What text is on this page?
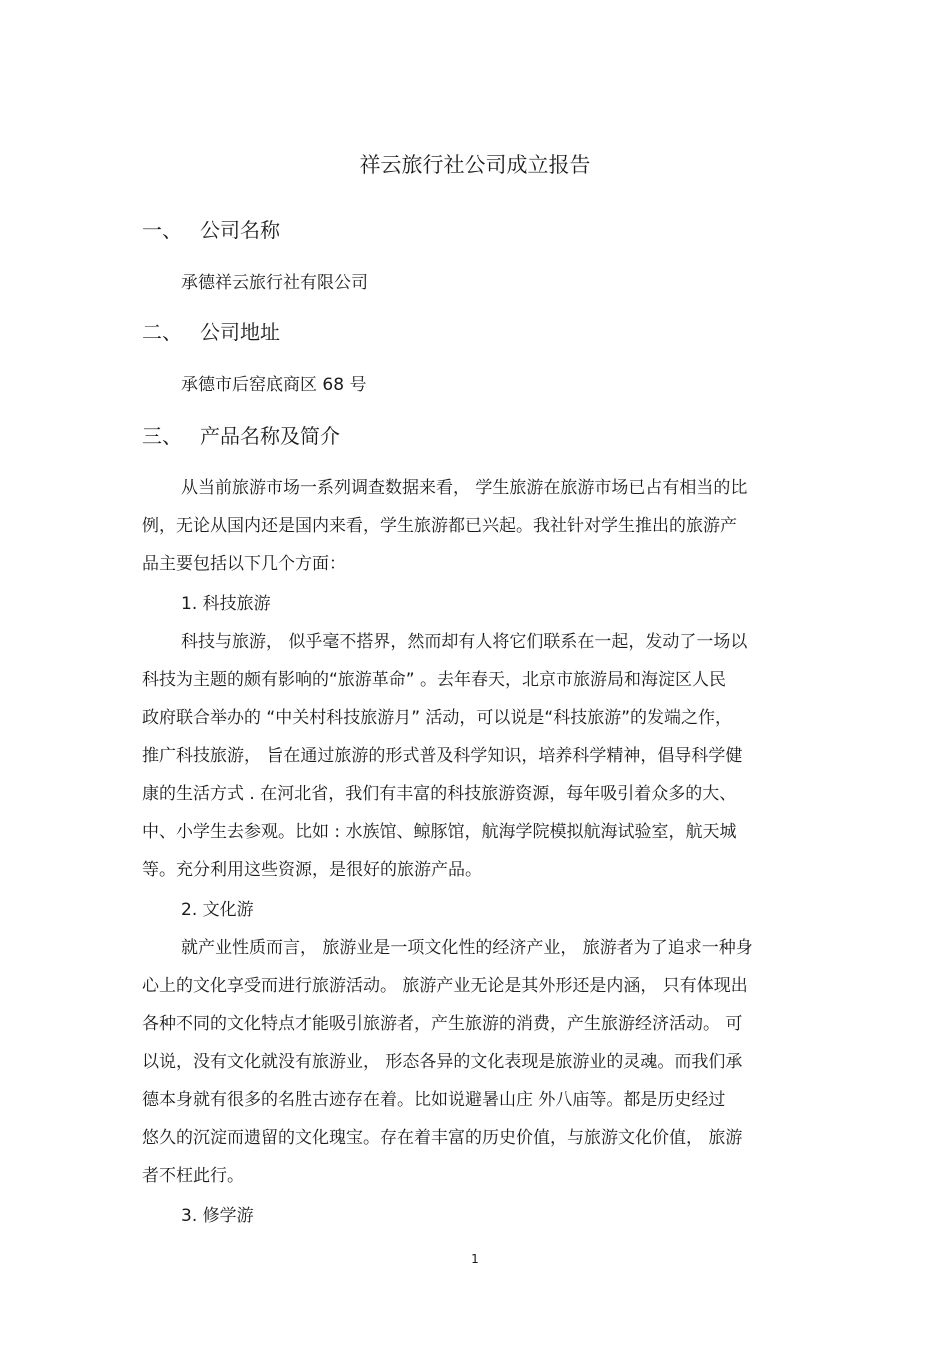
祥云旅行社公司成立报告
一、 公司名称
承德祥云旅行社有限公司
二、 公司地址
承德市后窑底商区 68 号
三、 产品名称及简介
从当前旅游市场一系列调查数据来看， 学生旅游在旅游市场已占有相当的比
例，无论从国内还是国内来看，学生旅游都已兴起。我社针对学生推出的旅游产
品主要包括以下几个方面：
1. 科技旅游
科技与旅游， 似乎毫不搭界，然而却有人将它们联系在一起，发动了一场以
科技为主题的颇有影响的“旅游革命” 。去年春天，北京市旅游局和海淀区人民
政府联合举办的 “中关村科技旅游月” 活动，可以说是“科技旅游”的发端之作，
推广科技旅游， 旨在通过旅游的形式普及科学知识，培养科学精神，倡导科学健
康的生活方式 . 在河北省，我们有丰富的科技旅游资源，每年吸引着众多的大、
中、小学生去参观。比如 : 水族馆、鲸豚馆，航海学院模拟航海试验室，航天城
等。充分利用这些资源，是很好的旅游产品。
2. 文化游
就产业性质而言， 旅游业是一项文化性的经济产业， 旅游者为了追求一种身
心上的文化享受而进行旅游活动。 旅游产业无论是其外形还是内涵， 只有体现出
各种不同的文化特点才能吸引旅游者，产生旅游的消费，产生旅游经济活动。 可
以说，没有文化就没有旅游业， 形态各异的文化表现是旅游业的灵魂。而我们承
德本身就有很多的名胜古迹存在着。比如说避暑山庄 外八庙等。都是历史经过
悠久的沉淀而遗留的文化瑰宝。存在着丰富的历史价值，与旅游文化价值， 旅游
者不枉此行。
3. 修学游
1
